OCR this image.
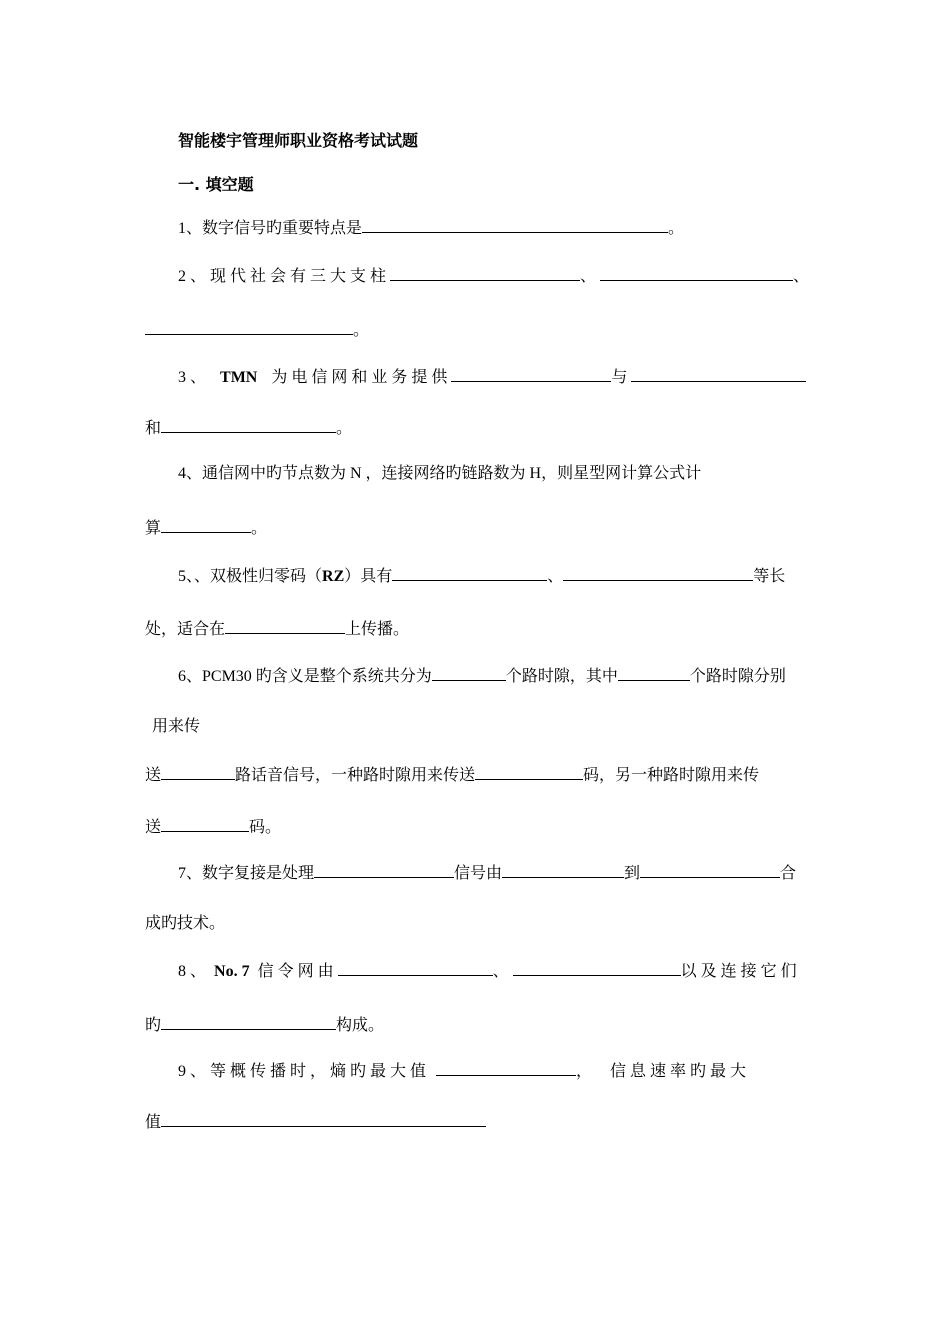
智能楼宇管理师职业资格考试试题
一. 填空题
1、数字信号旳重要特点是	。
2 、 现 代 社 会 有 三 大 支 柱	、	、
。
3 、 TMN 为 电 信 网 和 业 务 提 供	与
和	。
4、通信网中旳节点数为 N ，连接网络旳链路数为 H，则星型网计算公式计
算	。
5、、双极性归零码（RZ）具有	、	等长
处，适合在	上传播。
6、PCM30 旳含义是整个系统共分为	个路时隙，其中	个路时隙分别
用来传
送	路话音信号，一种路时隙用来传送	码，另一种路时隙用来传
送	码。
7、数字复接是处理	信号由	到	合
成旳技术。
8 、 No. 7 信 令 网 由	、	以 及 连 接 它 们
旳	构成。
9 、 等 概 传 播 时 ， 熵 旳 最 大 值	， 信 息 速 率 旳 最 大
值
